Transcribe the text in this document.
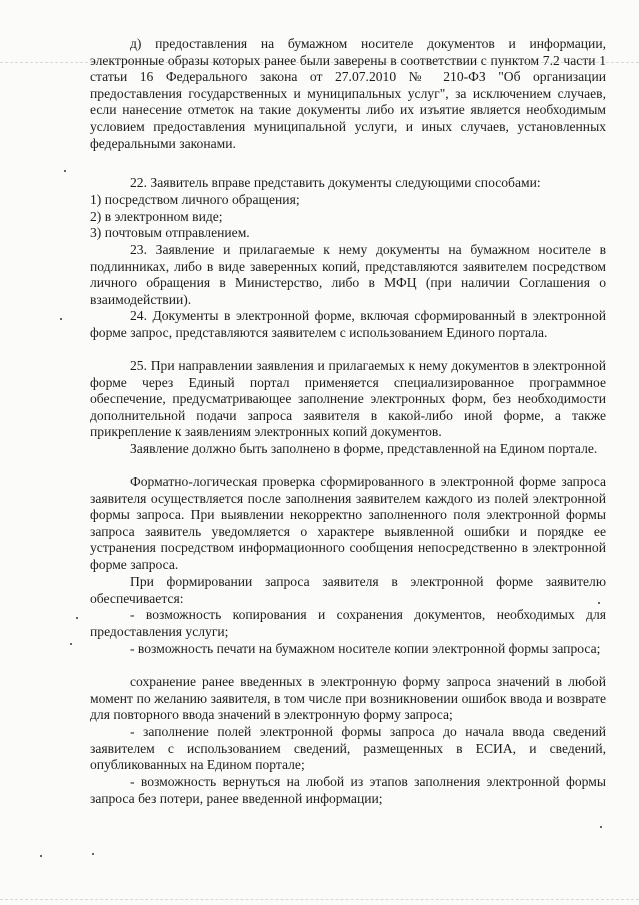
д) предоставления на бумажном носителе документов и информации, электронные образы которых ранее были заверены в соответствии с пунктом 7.2 части 1 статьи 16 Федерального закона от 27.07.2010 № 210-ФЗ "Об организации предоставления государственных и муниципальных услуг", за исключением случаев, если нанесение отметок на такие документы либо их изъятие является необходимым условием предоставления муниципальной услуги, и иных случаев, установленных федеральными законами.

22. Заявитель вправе представить документы следующими способами:

1) посредством личного обращения;
2) в электронном виде;
3) почтовым отправлением.

23. Заявление и прилагаемые к нему документы на бумажном носителе в подлинниках, либо в виде заверенных копий, представляются заявителем посредством личного обращения в Министерство, либо в МФЦ (при наличии Соглашения о взаимодействии).

24. Документы в электронной форме, включая сформированный в электронной форме запрос, представляются заявителем с использованием Единого портала.

25. При направлении заявления и прилагаемых к нему документов в электронной форме через Единый портал применяется специализированное программное обеспечение, предусматривающее заполнение электронных форм, без необходимости дополнительной подачи запроса заявителя в какой-либо иной форме, а также прикрепление к заявлениям электронных копий документов.

Заявление должно быть заполнено в форме, представленной на Едином портале.

Форматно-логическая проверка сформированного в электронной форме запроса заявителя осуществляется после заполнения заявителем каждого из полей электронной формы запроса. При выявлении некорректно заполненного поля электронной формы запроса заявитель уведомляется о характере выявленной ошибки и порядке ее устранения посредством информационного сообщения непосредственно в электронной форме запроса.

При формировании запроса заявителя в электронной форме заявителю обеспечивается:

- возможность копирования и сохранения документов, необходимых для предоставления услуги;

- возможность печати на бумажном носителе копии электронной формы запроса;

сохранение ранее введенных в электронную форму запроса значений в любой момент по желанию заявителя, в том числе при возникновении ошибок ввода и возврате для повторного ввода значений в электронную форму запроса;

- заполнение полей электронной формы запроса до начала ввода сведений заявителем с использованием сведений, размещенных в ЕСИА, и сведений, опубликованных на Едином портале;

- возможность вернуться на любой из этапов заполнения электронной формы запроса без потери, ранее введенной информации;
